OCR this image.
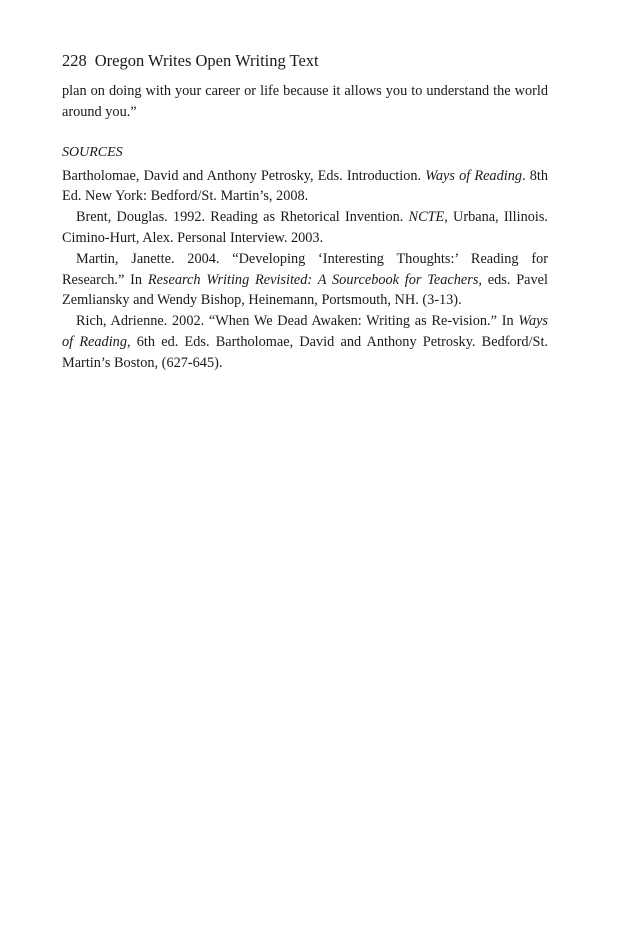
228 Oregon Writes Open Writing Text

plan on doing with your career or life because it allows you to understand the world around you.”

SOURCES

Bartholomae, David and Anthony Petrosky, Eds. Introduction. Ways of Reading. 8th Ed. New York: Bedford/St. Martin’s, 2008.

Brent, Douglas. 1992. Reading as Rhetorical Invention. NCTE, Urbana, Illinois. Cimino-Hurt, Alex. Personal Interview. 2003.

Martin, Janette. 2004. “Developing ‘Interesting Thoughts:’ Reading for Research.” In Research Writing Revisited: A Sourcebook for Teachers, eds. Pavel Zemliansky and Wendy Bishop, Heinemann, Portsmouth, NH. (3-13).

Rich, Adrienne. 2002. “When We Dead Awaken: Writing as Re-vision.” In Ways of Reading, 6th ed. Eds. Bartholomae, David and Anthony Petrosky. Bedford/St. Martin’s Boston, (627-645).
